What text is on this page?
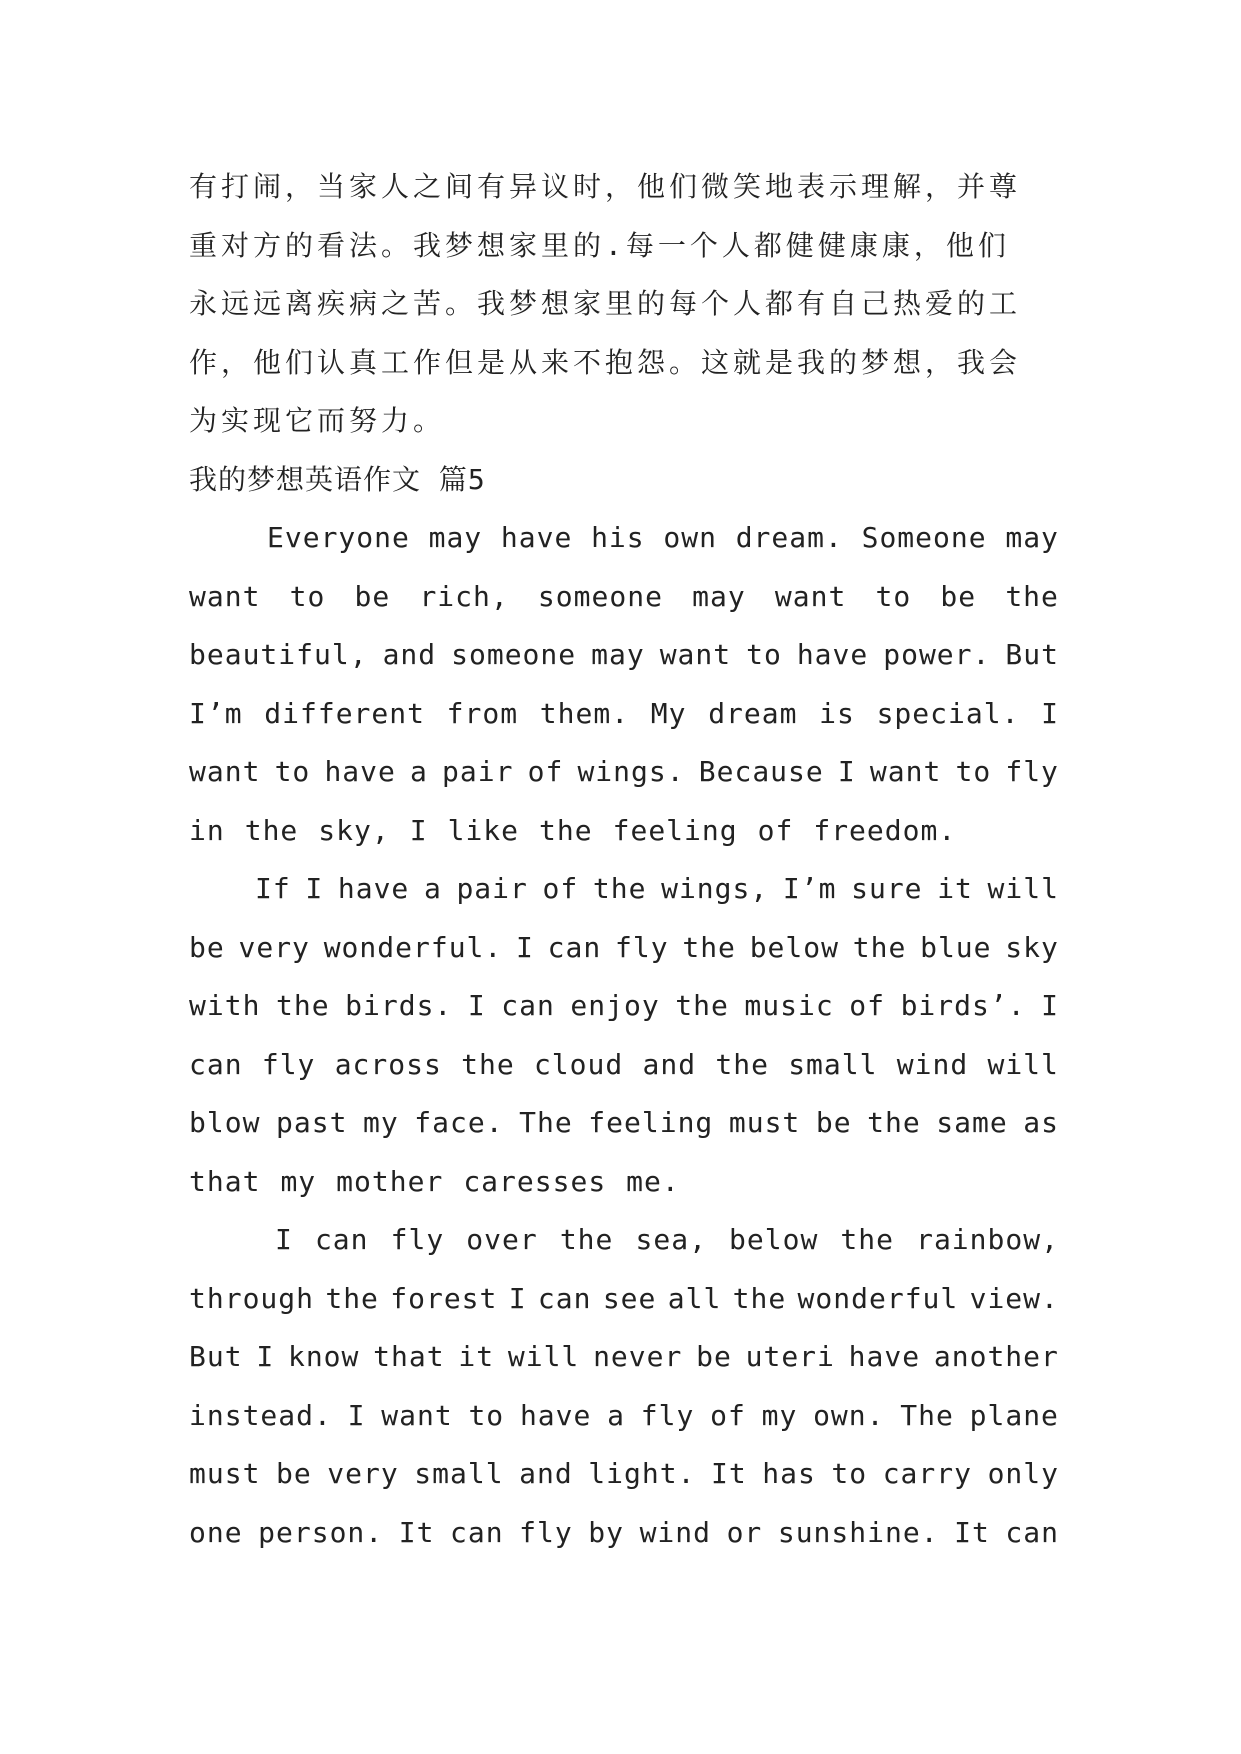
有打闹，当家人之间有异议时，他们微笑地表示理解，并尊
重对方的看法。我梦想家里的.每一个人都健健康康，他们
永远远离疾病之苦。我梦想家里的每个人都有自己热爱的工
作，他们认真工作但是从来不抱怨。这就是我的梦想，我会
为实现它而努力。
我的梦想英语作文 篇5
Everyone may have his own dream. Someone may
want to be rich, someone may want to be the
beautiful, and someone may want to have power. But
I’m different from them. My dream is special. I
want to have a pair of wings. Because I want to fly
in the sky, I like the feeling of freedom.
If I have a pair of the wings, I’m sure it will
be very wonderful. I can fly the below the blue sky
with the birds. I can enjoy the music of birds’. I
can fly across the cloud and the small wind will
blow past my face. The feeling must be the same as
that my mother caresses me.
I can fly over the sea, below the rainbow,
through the forest I can see all the wonderful view.
But I know that it will never be uteri have another
instead. I want to have a fly of my own. The plane
must be very small and light. It has to carry only
one person. It can fly by wind or sunshine. It can
